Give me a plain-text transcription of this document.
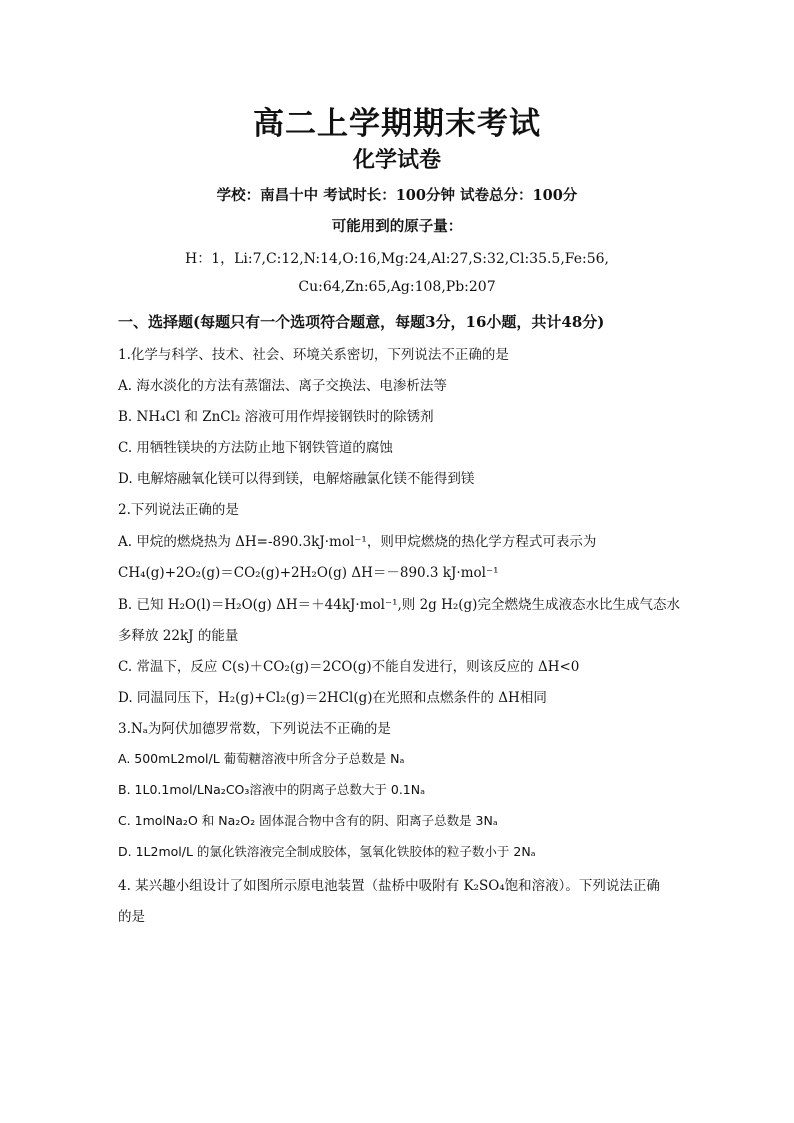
高二上学期期末考试
化学试卷
学校：南昌十中 考试时长：100分钟 试卷总分：100分
可能用到的原子量：
H：1，Li:7,C:12,N:14,O:16,Mg:24,Al:27,S:32,Cl:35.5,Fe:56,
Cu:64,Zn:65,Ag:108,Pb:207
一、选择题(每题只有一个选项符合题意，每题3分，16小题，共计48分)
1.化学与科学、技术、社会、环境关系密切，下列说法不正确的是
A. 海水淡化的方法有蒸馏法、离子交换法、电渗析法等
B. NH₄Cl 和 ZnCl₂ 溶液可用作焊接钢铁时的除锈剂
C. 用牺牲镁块的方法防止地下钢铁管道的腐蚀
D. 电解熔融氧化镁可以得到镁，电解熔融氯化镁不能得到镁
2.下列说法正确的是
A. 甲烷的燃烧热为 ΔH=-890.3kJ·mol⁻¹，则甲烷燃烧的热化学方程式可表示为
CH₄(g)+2O₂(g)＝CO₂(g)+2H₂O(g) ΔH＝－890.3 kJ·mol⁻¹
B. 已知 H₂O(l)＝H₂O(g) ΔH＝＋44kJ·mol⁻¹,则 2g H₂(g)完全燃烧生成液态水比生成气态水
多释放 22kJ 的能量
C. 常温下，反应 C(s)＋CO₂(g)＝2CO(g)不能自发进行，则该反应的 ΔH<0
D. 同温同压下，H₂(g)+Cl₂(g)＝2HCl(g)在光照和点燃条件的 ΔH相同
3.Nₐ为阿伏加德罗常数，下列说法不正确的是
A. 500mL2mol/L 葡萄糖溶液中所含分子总数是 Nₐ
B. 1L0.1mol/LNa₂CO₃溶液中的阴离子总数大于 0.1Nₐ
C. 1molNa₂O 和 Na₂O₂ 固体混合物中含有的阴、阳离子总数是 3Nₐ
D. 1L2mol/L 的氯化铁溶液完全制成胶体，氢氧化铁胶体的粒子数小于 2Nₐ
4. 某兴趣小组设计了如图所示原电池装置（盐桥中吸附有 K₂SO₄饱和溶液）。下列说法正确
的是
